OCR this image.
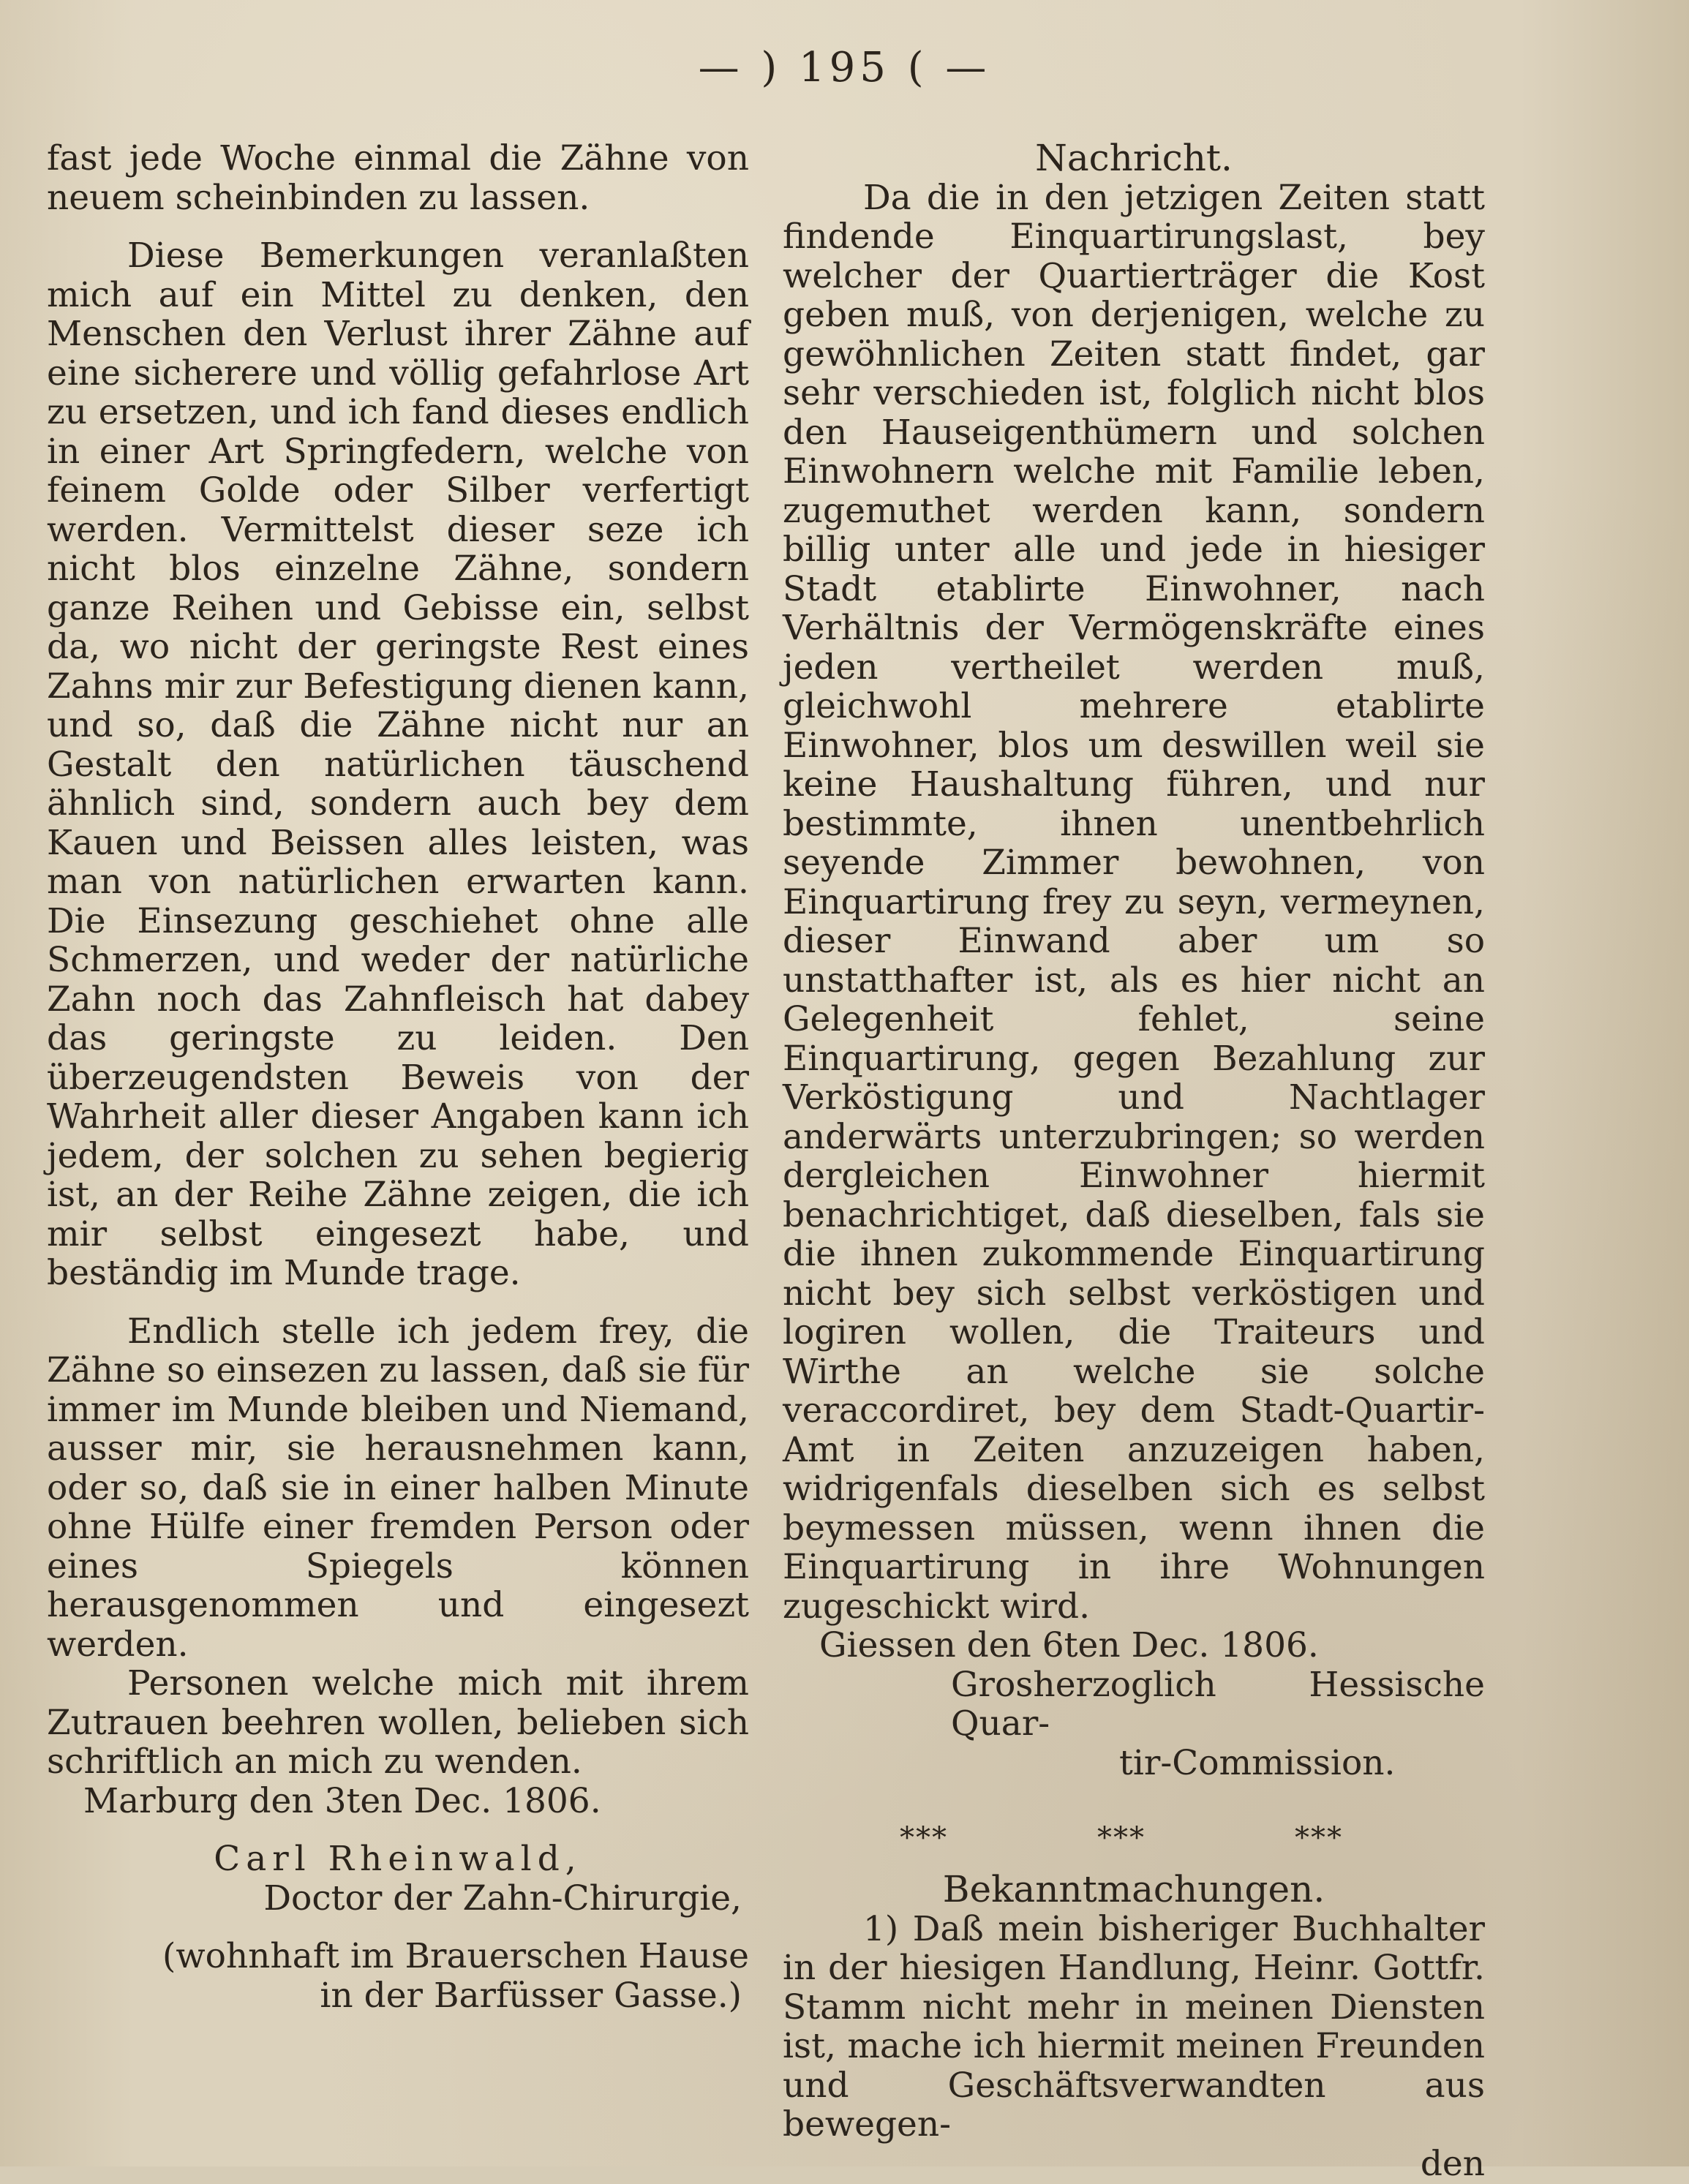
— ) 195 ( —

fast jede Woche einmal die Zähne von neuem scheinbinden zu lassen.

Diese Bemerkungen veranlaßten mich auf ein Mittel zu denken, den Menschen den Verlust ihrer Zähne auf eine sicherere und völlig gefahrlose Art zu ersetzen, und ich fand dieses endlich in einer Art Springfedern, welche von feinem Golde oder Silber verfertigt werden. Vermittelst dieser seze ich nicht blos einzelne Zähne, sondern ganze Reihen und Gebisse ein, selbst da, wo nicht der geringste Rest eines Zahns mir zur Befestigung dienen kann, und so, daß die Zähne nicht nur an Gestalt den natürlichen täuschend ähnlich sind, sondern auch bey dem Kauen und Beissen alles leisten, was man von natürlichen erwarten kann. Die Einsezung geschiehet ohne alle Schmerzen, und weder der natürliche Zahn noch das Zahnfleisch hat dabey das geringste zu leiden. Den überzeugendsten Beweis von der Wahrheit aller dieser Angaben kann ich jedem, der solchen zu sehen begierig ist, an der Reihe Zähne zeigen, die ich mir selbst eingesezt habe, und beständig im Munde trage.

Endlich stelle ich jedem frey, die Zähne so einsezen zu lassen, daß sie für immer im Munde bleiben und Niemand, ausser mir, sie herausnehmen kann, oder so, daß sie in einer halben Minute ohne Hülfe einer fremden Person oder eines Spiegels können herausgenommen und eingesezt werden.

Personen welche mich mit ihrem Zutrauen beehren wollen, belieben sich schriftlich an mich zu wenden.

Marburg den 3ten Dec. 1806.

Carl Rheinwald,

Doctor der Zahn-Chirurgie,

(wohnhaft im Brauerschen Hause

in der Barfüsser Gasse.)

Nachricht.

Da die in den jetzigen Zeiten statt findende Einquartirungslast, bey welcher der Quartierträger die Kost geben muß, von derjenigen, welche zu gewöhnlichen Zeiten statt findet, gar sehr verschieden ist, folglich nicht blos den Hauseigenthümern und solchen Einwohnern welche mit Familie leben, zugemuthet werden kann, sondern billig unter alle und jede in hiesiger Stadt etablirte Einwohner, nach Verhältnis der Vermögenskräfte eines jeden vertheilet werden muß, gleichwohl mehrere etablirte Einwohner, blos um deswillen weil sie keine Haushaltung führen, und nur bestimmte, ihnen unentbehrlich seyende Zimmer bewohnen, von Einquartirung frey zu seyn, vermeynen, dieser Einwand aber um so unstatthafter ist, als es hier nicht an Gelegenheit fehlet, seine Einquartirung, gegen Bezahlung zur Verköstigung und Nachtlager anderwärts unterzubringen; so werden dergleichen Einwohner hiermit benachrichtiget, daß dieselben, fals sie die ihnen zukommende Einquartirung nicht bey sich selbst verköstigen und logiren wollen, die Traiteurs und Wirthe an welche sie solche veraccordiret, bey dem Stadt-Quartir-Amt in Zeiten anzuzeigen haben, widrigenfals dieselben sich es selbst beymessen müssen, wenn ihnen die Einquartirung in ihre Wohnungen zugeschickt wird.

Giessen den 6ten Dec. 1806.

Grosherzoglich Hessische Quar-

tir-Commission.

***	***	***

Bekanntmachungen.

1) Daß mein bisheriger Buchhalter in der hiesigen Handlung, Heinr. Gottfr. Stamm nicht mehr in meinen Diensten ist, mache ich hiermit meinen Freunden und Geschäftsverwandten aus bewegen-

den
